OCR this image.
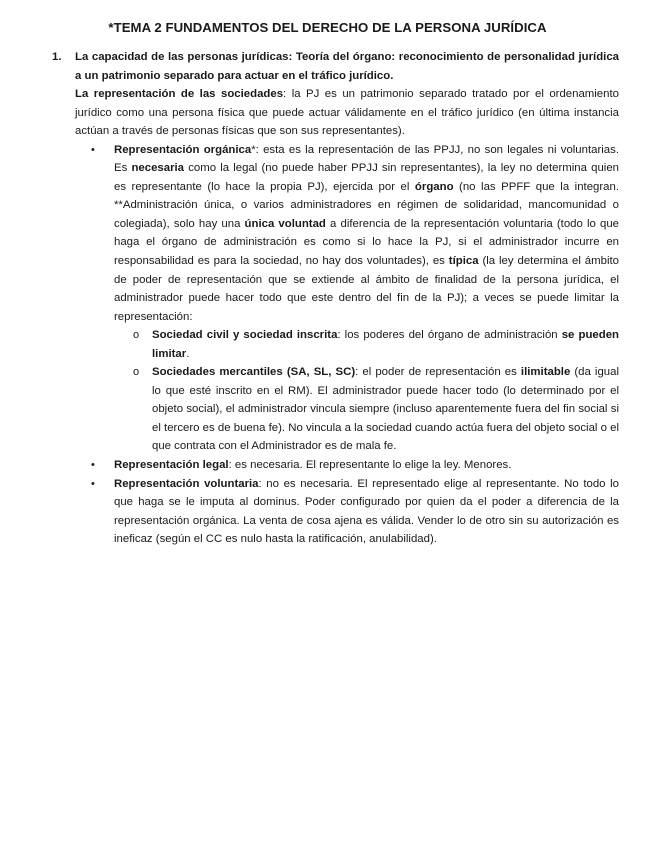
*TEMA 2 FUNDAMENTOS DEL DERECHO DE LA PERSONA JURÍDICA
1. La capacidad de las personas jurídicas: Teoría del órgano: reconocimiento de personalidad jurídica a un patrimonio separado para actuar en el tráfico jurídico.

La representación de las sociedades: la PJ es un patrimonio separado tratado por el ordenamiento jurídico como una persona física que puede actuar válidamente en el tráfico jurídico (en última instancia actúan a través de personas físicas que son sus representantes).

• Representación orgánica*: esta es la representación de las PPJJ, no son legales ni voluntarias. Es necesaria como la legal (no puede haber PPJJ sin representantes), la ley no determina quien es representante (lo hace la propia PJ), ejercida por el órgano (no las PPFF que la integran. **Administración única, o varios administradores en régimen de solidaridad, mancomunidad o colegiada), solo hay una única voluntad a diferencia de la representación voluntaria (todo lo que haga el órgano de administración es como si lo hace la PJ, si el administrador incurre en responsabilidad es para la sociedad, no hay dos voluntades), es típica (la ley determina el ámbito de poder de representación que se extiende al ámbito de finalidad de la persona jurídica, el administrador puede hacer todo que este dentro del fin de la PJ); a veces se puede limitar la representación:
o Sociedad civil y sociedad inscrita: los poderes del órgano de administración se pueden limitar.
o Sociedades mercantiles (SA, SL, SC): el poder de representación es ilimitable (da igual lo que esté inscrito en el RM). El administrador puede hacer todo (lo determinado por el objeto social), el administrador vincula siempre (incluso aparentemente fuera del fin social si el tercero es de buena fe). No vincula a la sociedad cuando actúa fuera del objeto social o el que contrata con el Administrador es de mala fe.
• Representación legal: es necesaria. El representante lo elige la ley. Menores.
• Representación voluntaria: no es necesaria. El representado elige al representante. No todo lo que haga se le imputa al dominus. Poder configurado por quien da el poder a diferencia de la representación orgánica. La venta de cosa ajena es válida. Vender lo de otro sin su autorización es ineficaz (según el CC es nulo hasta la ratificación, anulabilidad).
